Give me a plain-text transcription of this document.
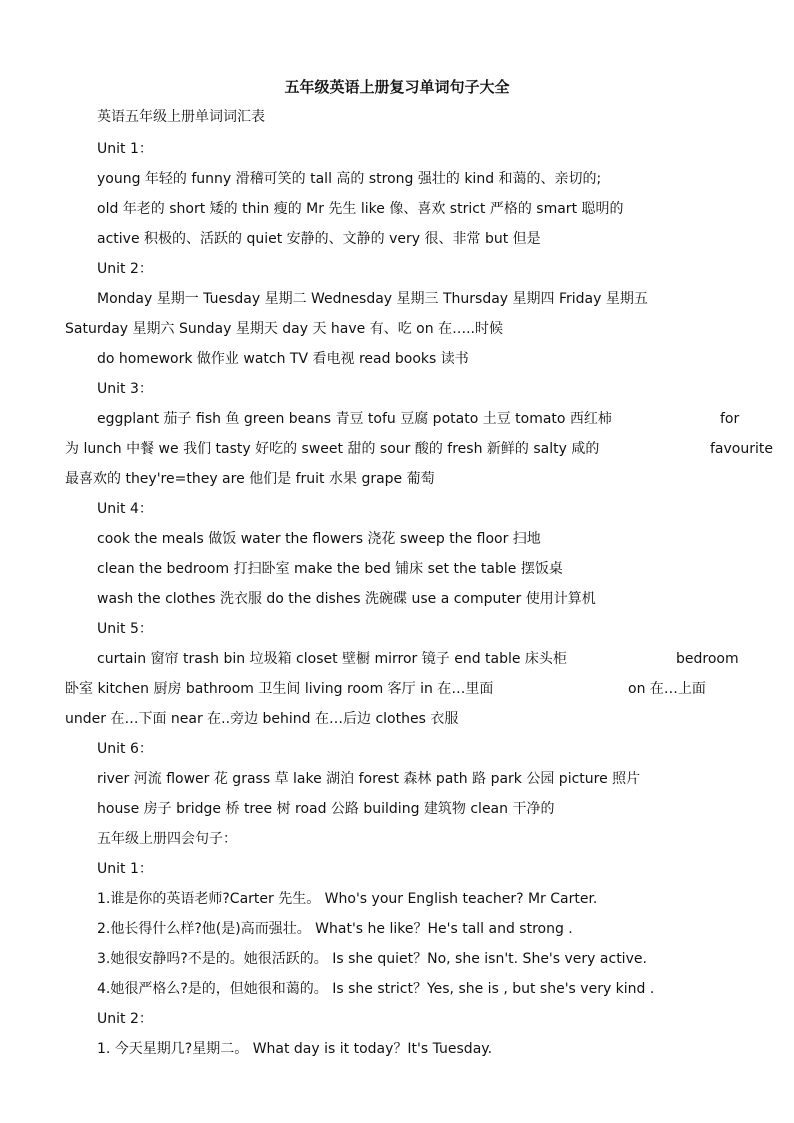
五年级英语上册复习单词句子大全
英语五年级上册单词词汇表
Unit 1：
young 年轻的 funny 滑稽可笑的 tall 高的 strong 强壮的 kind 和蔼的、亲切的;
old 年老的 short 矮的 thin 瘦的 Mr 先生 like 像、喜欢 strict 严格的 smart 聪明的
active 积极的、活跃的 quiet 安静的、文静的 very 很、非常 but 但是
Unit 2：
Monday 星期一 Tuesday 星期二 Wednesday 星期三 Thursday 星期四 Friday 星期五
Saturday 星期六 Sunday 星期天 day 天 have 有、吃 on 在…..时候
do homework 做作业 watch TV 看电视 read books 读书
Unit 3：
eggplant 茄子 fish 鱼 green beans 青豆 tofu 豆腐 potato 土豆 tomato 西红柿	for
为 lunch 中餐 we 我们 tasty 好吃的 sweet 甜的 sour 酸的 fresh 新鲜的 salty 咸的	favourite
最喜欢的 they're=they are 他们是 fruit 水果 grape 葡萄
Unit 4：
cook the meals 做饭 water the flowers 浇花 sweep the floor 扫地
clean the bedroom 打扫卧室 make the bed 铺床 set the table 摆饭桌
wash the clothes 洗衣服 do the dishes 洗碗碟 use a computer 使用计算机
Unit 5：
curtain 窗帘 trash bin 垃圾箱 closet 壁橱 mirror 镜子 end table 床头柜	bedroom
卧室 kitchen 厨房 bathroom 卫生间 living room 客厅 in 在…里面	on 在…上面
under 在…下面 near 在..旁边 behind 在…后边 clothes 衣服
Unit 6：
river 河流 flower 花 grass 草 lake 湖泊 forest 森林 path 路 park 公园 picture 照片
house 房子 bridge 桥 tree 树 road 公路 building 建筑物 clean 干净的
五年级上册四会句子：
Unit 1：
1.谁是你的英语老师?Carter 先生。 Who's your English teacher? Mr Carter.
2.他长得什么样?他(是)高而强壮。 What's he like？He's tall and strong .
3.她很安静吗?不是的。她很活跃的。 Is she quiet？No, she isn't. She's very active.
4.她很严格么?是的，但她很和蔼的。 Is she strict？Yes, she is , but she's very kind .
Unit 2：
1. 今天星期几?星期二。 What day is it today？It's Tuesday.
